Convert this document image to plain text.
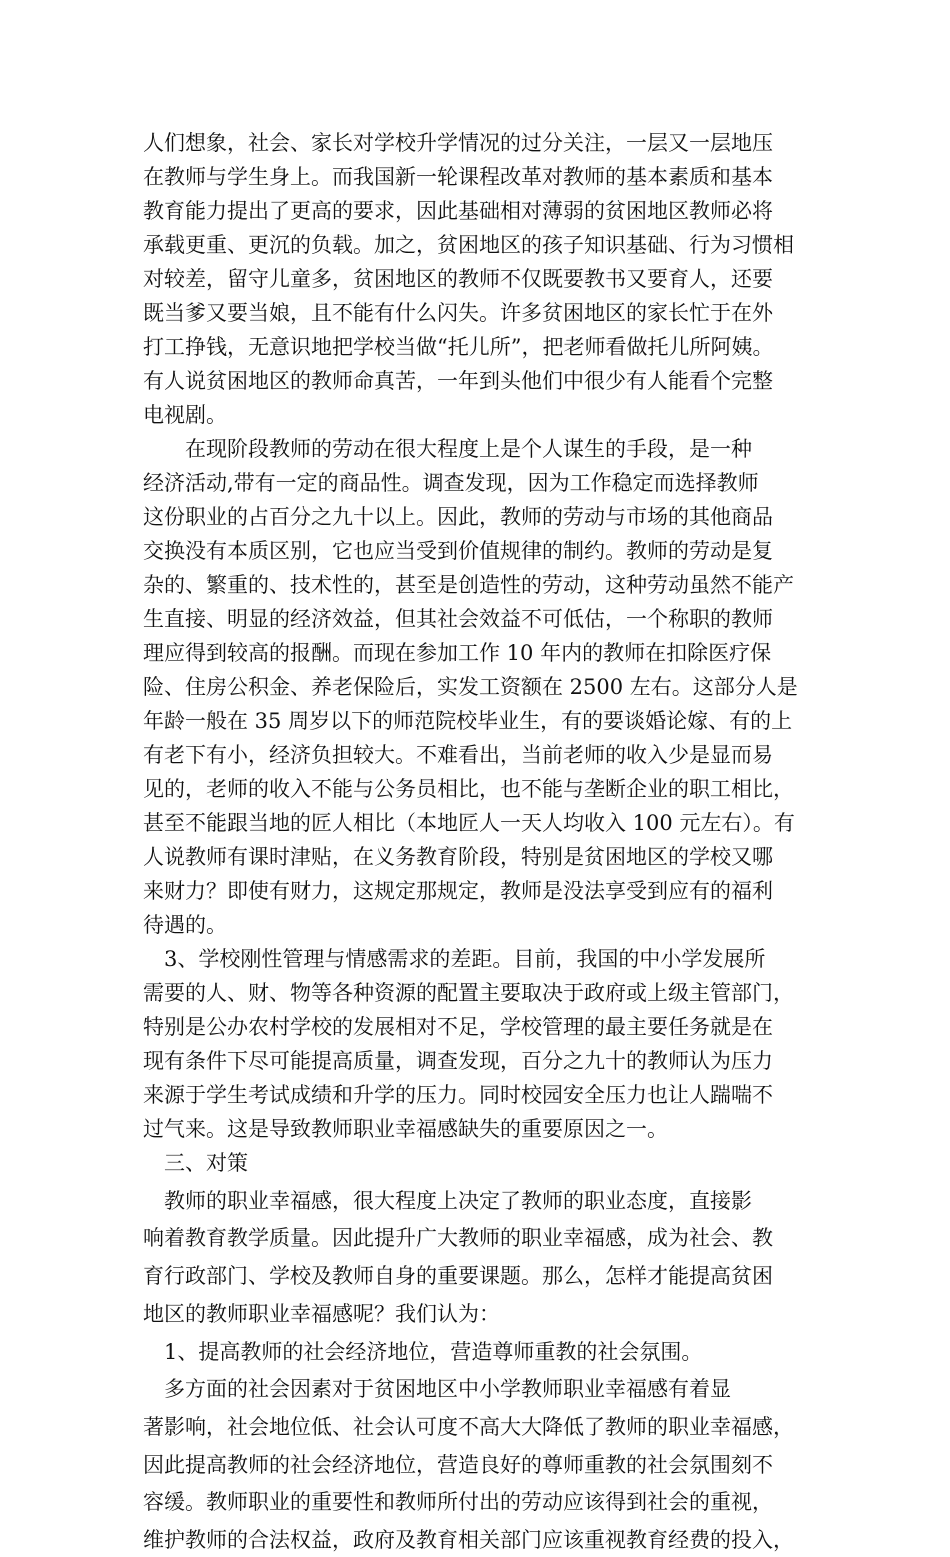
人们想象，社会、家长对学校升学情况的过分关注，一层又一层地压
在教师与学生身上。而我国新一轮课程改革对教师的基本素质和基本
教育能力提出了更高的要求，因此基础相对薄弱的贫困地区教师必将
承载更重、更沉的负载。加之，贫困地区的孩子知识基础、行为习惯相
对较差，留守儿童多，贫困地区的教师不仅既要教书又要育人，还要
既当爹又要当娘，且不能有什么闪失。许多贫困地区的家长忙于在外
打工挣钱，无意识地把学校当做“托儿所”，把老师看做托儿所阿姨。
有人说贫困地区的教师命真苦，一年到头他们中很少有人能看个完整
电视剧。
　　在现阶段教师的劳动在很大程度上是个人谋生的手段，是一种
经济活动,带有一定的商品性。调查发现，因为工作稳定而选择教师
这份职业的占百分之九十以上。因此，教师的劳动与市场的其他商品
交换没有本质区别，它也应当受到价值规律的制约。教师的劳动是复
杂的、繁重的、技术性的，甚至是创造性的劳动，这种劳动虽然不能产
生直接、明显的经济效益，但其社会效益不可低估，一个称职的教师
理应得到较高的报酬。而现在参加工作 10 年内的教师在扣除医疗保
险、住房公积金、养老保险后，实发工资额在 2500 左右。这部分人是
年龄一般在 35 周岁以下的师范院校毕业生，有的要谈婚论嫁、有的上
有老下有小，经济负担较大。不难看出，当前老师的收入少是显而易
见的，老师的收入不能与公务员相比，也不能与垄断企业的职工相比，
甚至不能跟当地的匠人相比（本地匠人一天人均收入 100 元左右）。有
人说教师有课时津贴，在义务教育阶段，特别是贫困地区的学校又哪
来财力？即使有财力，这规定那规定，教师是没法享受到应有的福利
待遇的。
　3、学校刚性管理与情感需求的差距。目前，我国的中小学发展所
需要的人、财、物等各种资源的配置主要取决于政府或上级主管部门，
特别是公办农村学校的发展相对不足，学校管理的最主要任务就是在
现有条件下尽可能提高质量，调查发现，百分之九十的教师认为压力
来源于学生考试成绩和升学的压力。同时校园安全压力也让人踹喘不
过气来。这是导致教师职业幸福感缺失的重要原因之一。
　三、对策
　教师的职业幸福感，很大程度上决定了教师的职业态度，直接影
响着教育教学质量。因此提升广大教师的职业幸福感，成为社会、教
育行政部门、学校及教师自身的重要课题。那么，怎样才能提高贫困
地区的教师职业幸福感呢？我们认为：
　1、提高教师的社会经济地位，营造尊师重教的社会氛围。
　多方面的社会因素对于贫困地区中小学教师职业幸福感有着显
著影响，社会地位低、社会认可度不高大大降低了教师的职业幸福感，
因此提高教师的社会经济地位，营造良好的尊师重教的社会氛围刻不
容缓。教师职业的重要性和教师所付出的劳动应该得到社会的重视，
维护教师的合法权益，政府及教育相关部门应该重视教育经费的投入，
